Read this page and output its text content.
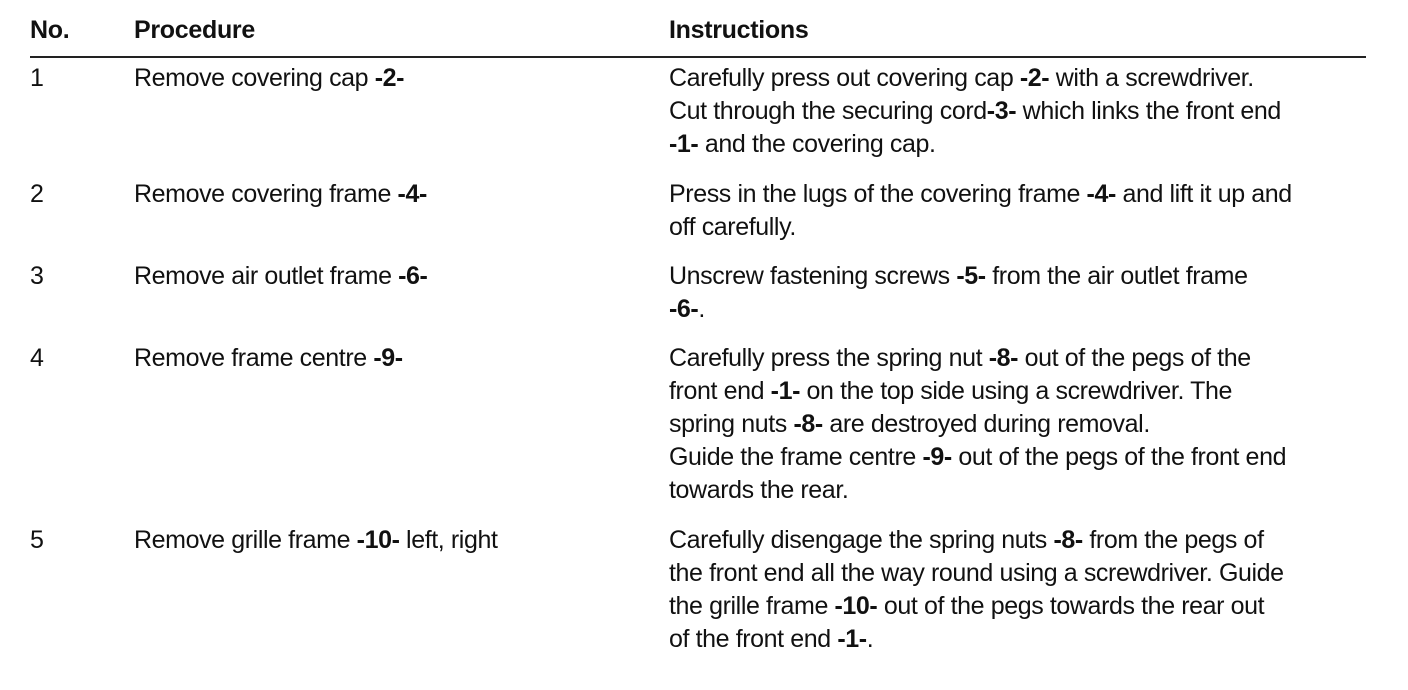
No.	Procedure	Instructions
1	Remove covering cap -2-	Carefully press out covering cap -2- with a screwdriver.
Cut through the securing cord-3- which links the front end
-1- and the covering cap.
2	Remove covering frame -4-	Press in the lugs of the covering frame -4- and lift it up and
off carefully.
3	Remove air outlet frame -6-	Unscrew fastening screws -5- from the air outlet frame
-6-.
4	Remove frame centre -9-	Carefully press the spring nut -8- out of the pegs of the
front end -1- on the top side using a screwdriver. The
spring nuts -8- are destroyed during removal.
Guide the frame centre -9- out of the pegs of the front end
towards the rear.
5	Remove grille frame -10- left, right	Carefully disengage the spring nuts -8- from the pegs of
the front end all the way round using a screwdriver. Guide
the grille frame -10- out of the pegs towards the rear out
of the front end -1-.
